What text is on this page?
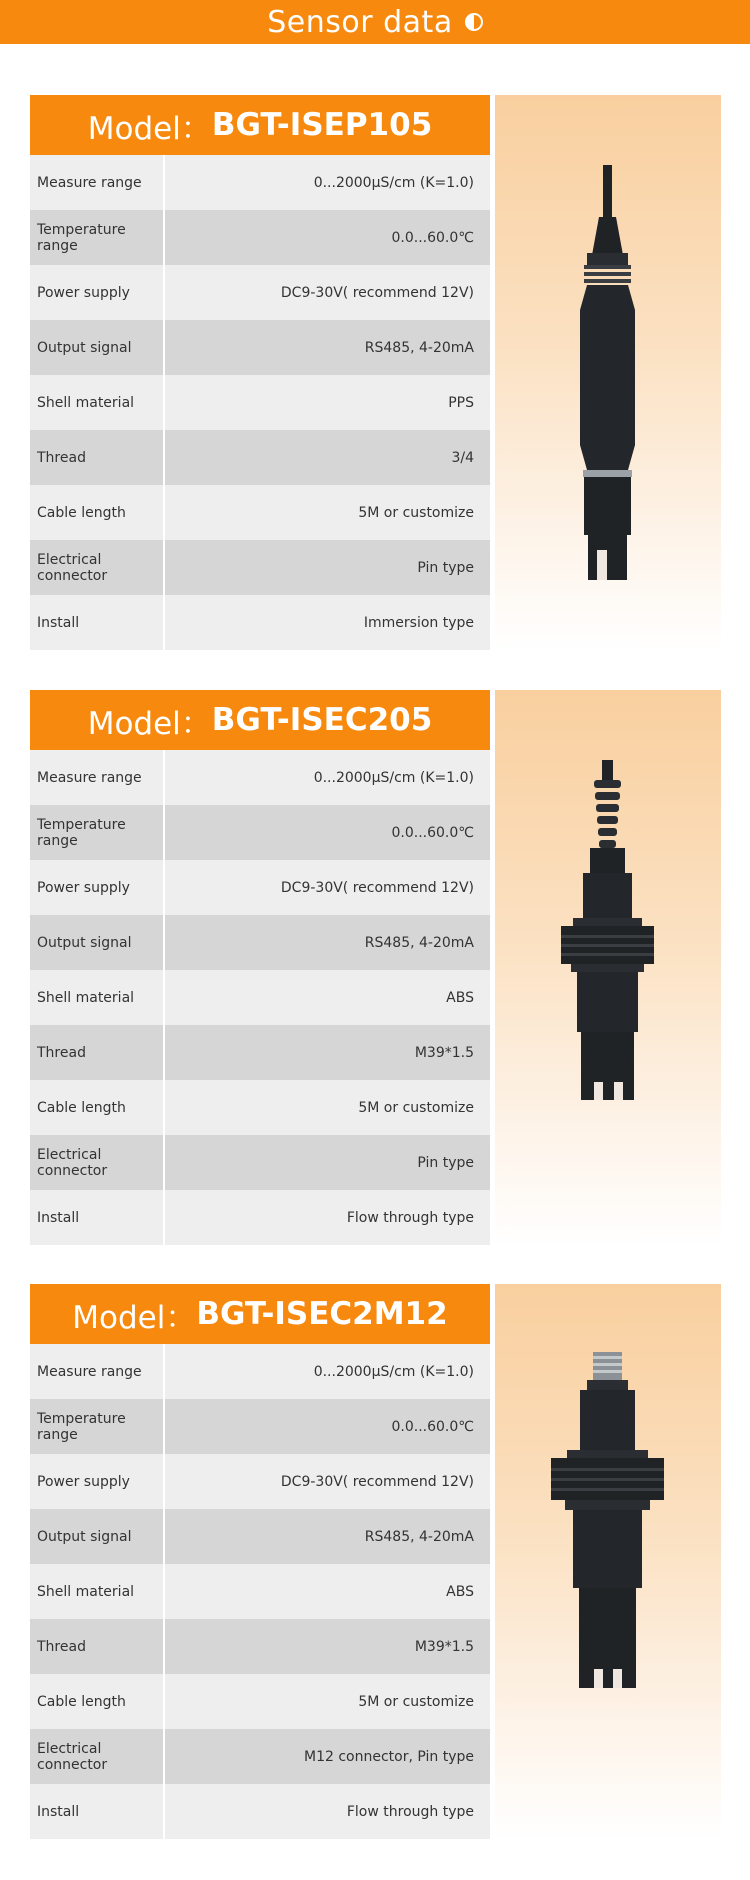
Sensor data
Model： BGT-ISEP105
Measure range	0...2000μS/cm (K=1.0)
Temperature range	0.0...60.0℃
Power supply	DC9-30V( recommend 12V)
Output signal	RS485, 4-20mA
Shell material	PPS
Thread	3/4
Cable length	5M or customize
Electrical connector	Pin type
Install	Immersion type
Model： BGT-ISEC205
Measure range	0...2000μS/cm (K=1.0)
Temperature range	0.0...60.0℃
Power supply	DC9-30V( recommend 12V)
Output signal	RS485, 4-20mA
Shell material	ABS
Thread	M39*1.5
Cable length	5M or customize
Electrical connector	Pin type
Install	Flow through type
Model： BGT-ISEC2M12
Measure range	0...2000μS/cm (K=1.0)
Temperature range	0.0...60.0℃
Power supply	DC9-30V( recommend 12V)
Output signal	RS485, 4-20mA
Shell material	ABS
Thread	M39*1.5
Cable length	5M or customize
Electrical connector	M12 connector, Pin type
Install	Flow through type
